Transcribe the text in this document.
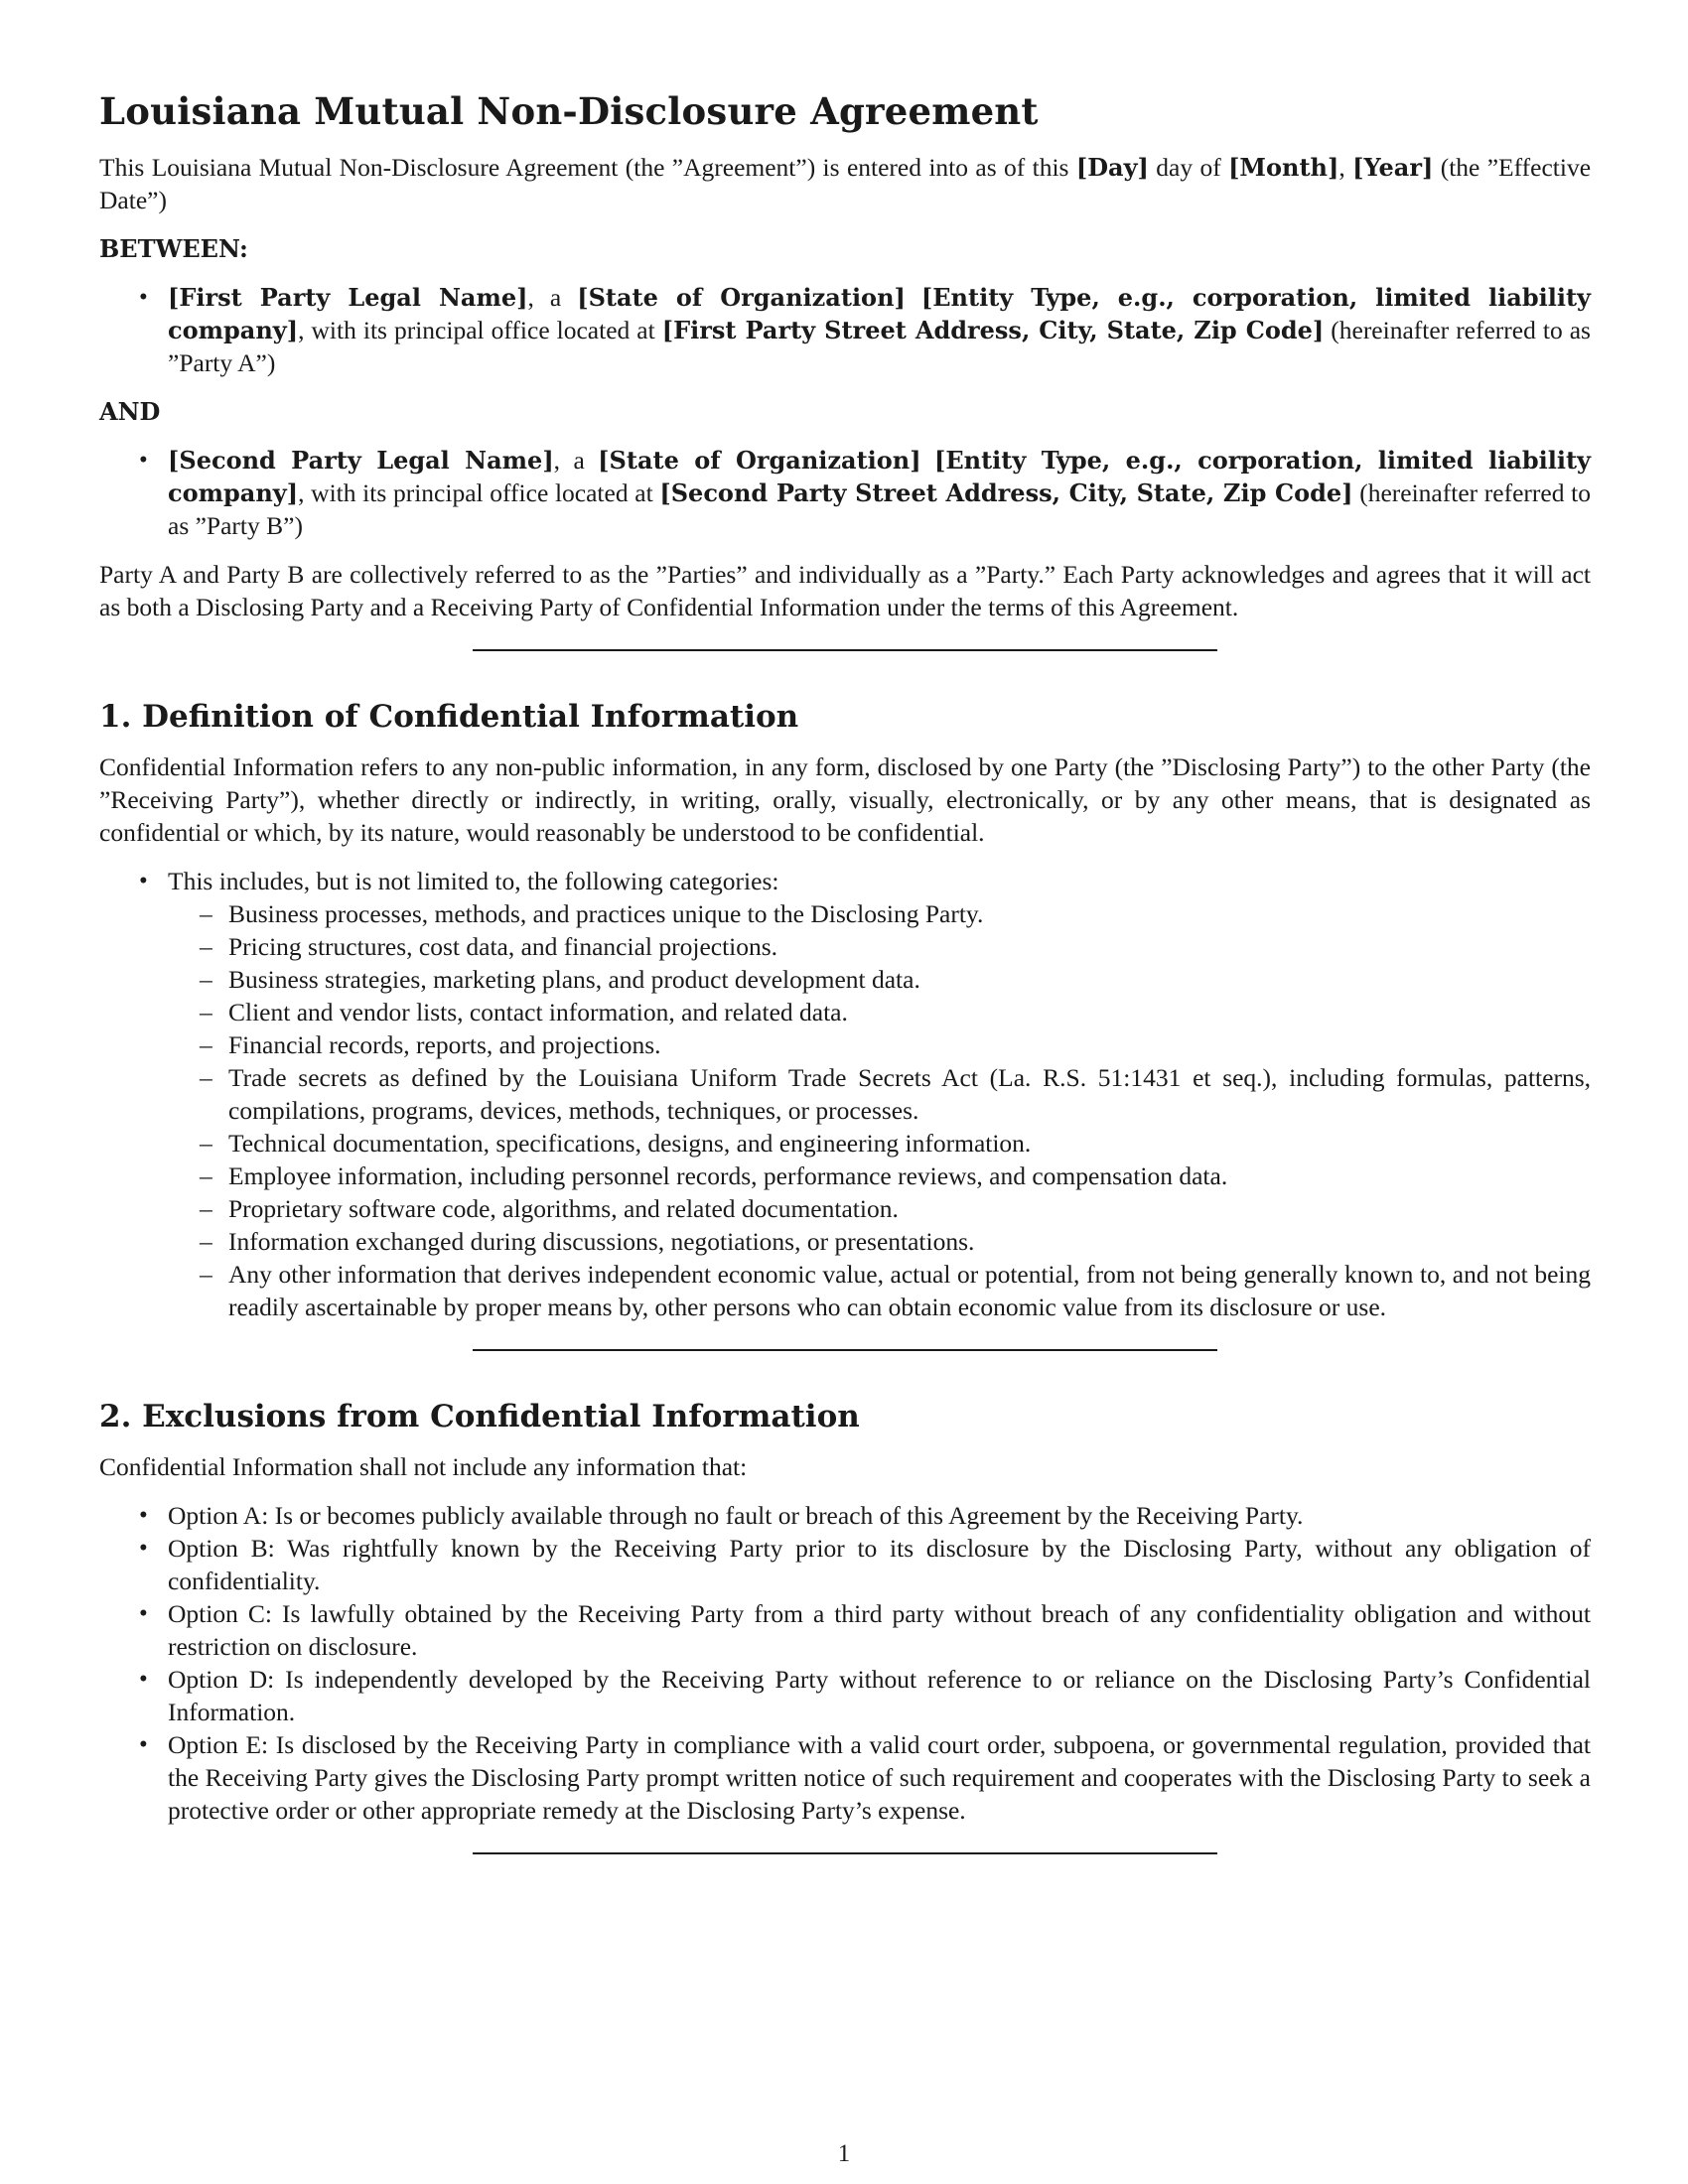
Louisiana Mutual Non-Disclosure Agreement

This Louisiana Mutual Non-Disclosure Agreement (the ”Agreement”) is entered into as of this [Day] day of [Month], [Year] (the ”Effective Date”)

BETWEEN:
• [First Party Legal Name], a [State of Organization] [Entity Type, e.g., corporation, limited liability company], with its principal office located at [First Party Street Address, City, State, Zip Code] (hereinafter referred to as ”Party A”)
AND
• [Second Party Legal Name], a [State of Organization] [Entity Type, e.g., corporation, limited liability company], with its principal office located at [Second Party Street Address, City, State, Zip Code] (hereinafter referred to as ”Party B”)

Party A and Party B are collectively referred to as the ”Parties” and individually as a ”Party.” Each Party acknowledges and agrees that it will act as both a Disclosing Party and a Receiving Party of Confidential Information under the terms of this Agreement.

1. Definition of Confidential Information

Confidential Information refers to any non-public information, in any form, disclosed by one Party (the ”Disclosing Party”) to the other Party (the ”Receiving Party”), whether directly or indirectly, in writing, orally, visually, electronically, or by any other means, that is designated as confidential or which, by its nature, would reasonably be understood to be confidential.

• This includes, but is not limited to, the following categories:
– Business processes, methods, and practices unique to the Disclosing Party.
– Pricing structures, cost data, and financial projections.
– Business strategies, marketing plans, and product development data.
– Client and vendor lists, contact information, and related data.
– Financial records, reports, and projections.
– Trade secrets as defined by the Louisiana Uniform Trade Secrets Act (La. R.S. 51:1431 et seq.), including formulas, patterns, compilations, programs, devices, methods, techniques, or processes.
– Technical documentation, specifications, designs, and engineering information.
– Employee information, including personnel records, performance reviews, and compensation data.
– Proprietary software code, algorithms, and related documentation.
– Information exchanged during discussions, negotiations, or presentations.
– Any other information that derives independent economic value, actual or potential, from not being generally known to, and not being readily ascertainable by proper means by, other persons who can obtain economic value from its disclosure or use.
2. Exclusions from Confidential Information

Confidential Information shall not include any information that:

• Option A: Is or becomes publicly available through no fault or breach of this Agreement by the Receiving Party.
• Option B: Was rightfully known by the Receiving Party prior to its disclosure by the Disclosing Party, without any obligation of confidentiality.
• Option C: Is lawfully obtained by the Receiving Party from a third party without breach of any confidentiality obligation and without restriction on disclosure.
• Option D: Is independently developed by the Receiving Party without reference to or reliance on the Disclosing Party’s Confidential Information.
• Option E: Is disclosed by the Receiving Party in compliance with a valid court order, subpoena, or governmental regulation, provided that the Receiving Party gives the Disclosing Party prompt written notice of such requirement and cooperates with the Disclosing Party to seek a protective order or other appropriate remedy at the Disclosing Party’s expense.
1
